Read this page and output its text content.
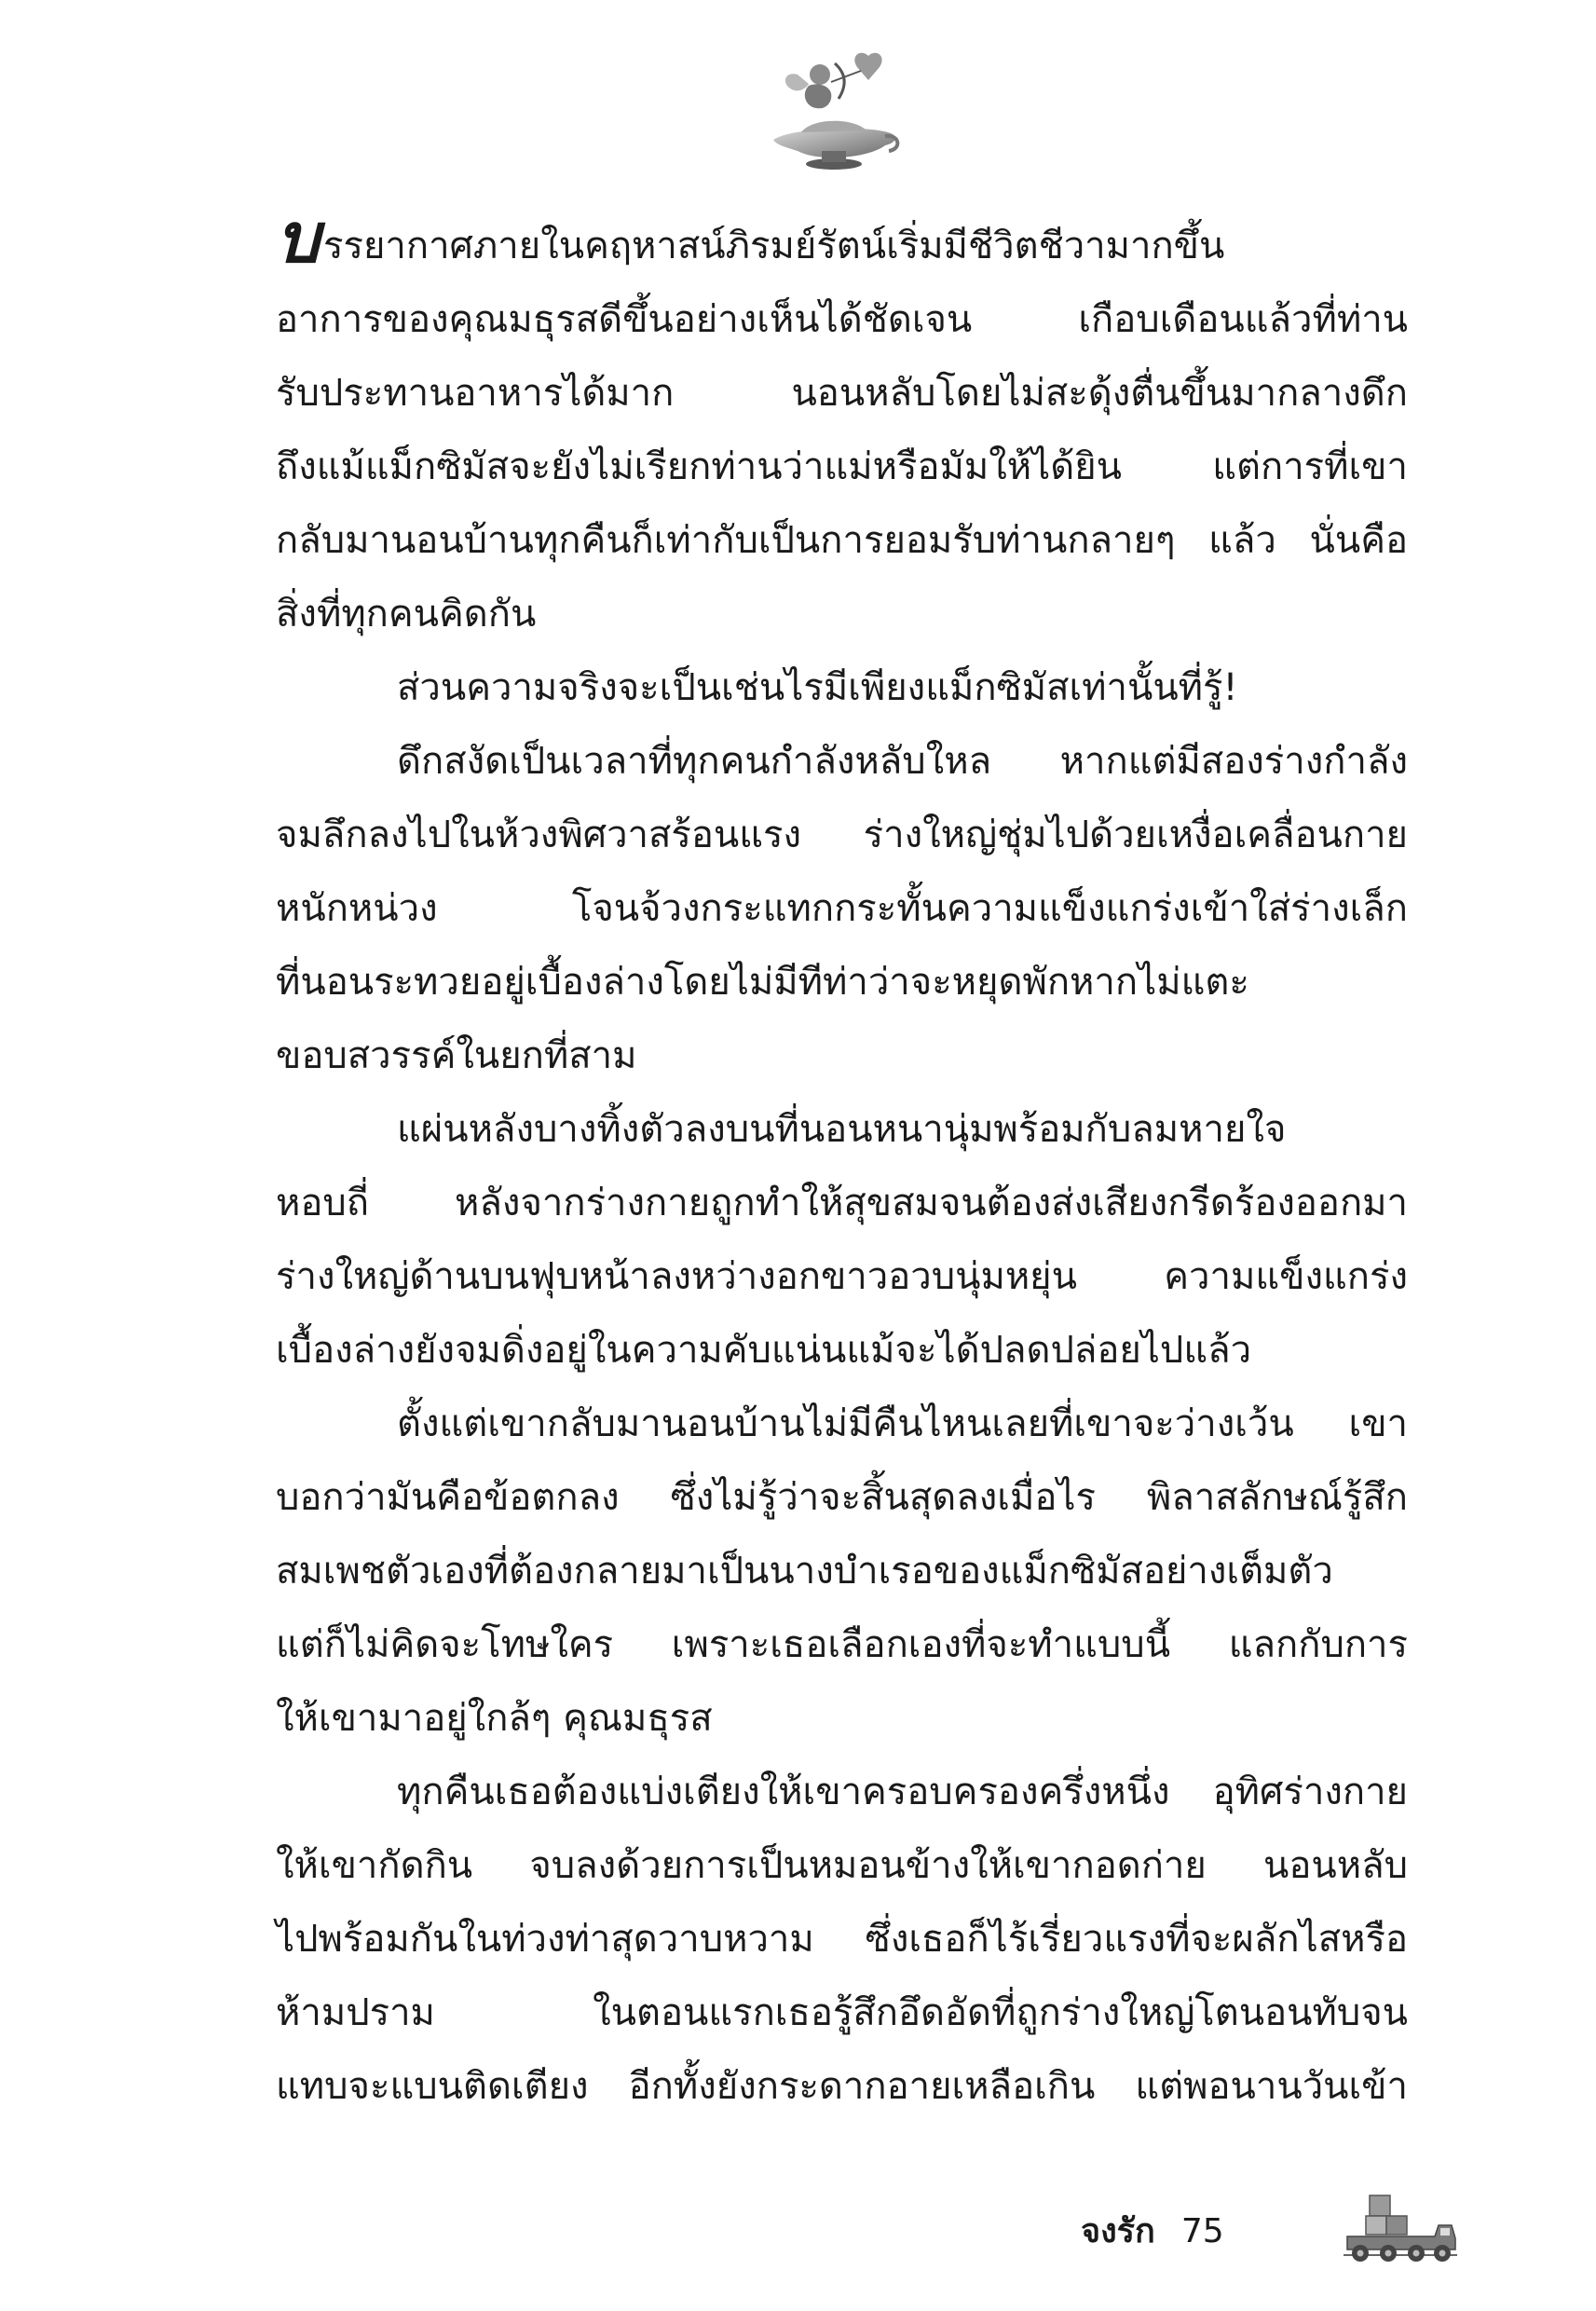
บรรยากาศภายในคฤหาสน์ภิรมย์รัตน์เริ่มมีชีวิตชีวามากขึ้น
อาการของคุณมธุรสดีขึ้นอย่างเห็นได้ชัดเจน เกือบเดือนแล้วที่ท่าน
รับประทานอาหารได้มาก นอนหลับโดยไม่สะดุ้งตื่นขึ้นมากลางดึก
ถึงแม้แม็กซิมัสจะยังไม่เรียกท่านว่าแม่หรือมัมให้ได้ยิน แต่การที่เขา
กลับมานอนบ้านทุกคืนก็เท่ากับเป็นการยอมรับท่านกลายๆ แล้ว นั่นคือ
สิ่งที่ทุกคนคิดกัน
ส่วนความจริงจะเป็นเช่นไรมีเพียงแม็กซิมัสเท่านั้นที่รู้!
ดึกสงัดเป็นเวลาที่ทุกคนกำลังหลับใหล หากแต่มีสองร่างกำลัง
จมลึกลงไปในห้วงพิศวาสร้อนแรง ร่างใหญ่ชุ่มไปด้วยเหงื่อเคลื่อนกาย
หนักหน่วง โจนจ้วงกระแทกกระทั้นความแข็งแกร่งเข้าใส่ร่างเล็ก
ที่นอนระทวยอยู่เบื้องล่างโดยไม่มีทีท่าว่าจะหยุดพักหากไม่แตะ
ขอบสวรรค์ในยกที่สาม
แผ่นหลังบางทิ้งตัวลงบนที่นอนหนานุ่มพร้อมกับลมหายใจ
หอบถี่ หลังจากร่างกายถูกทำให้สุขสมจนต้องส่งเสียงกรีดร้องออกมา
ร่างใหญ่ด้านบนฟุบหน้าลงหว่างอกขาวอวบนุ่มหยุ่น ความแข็งแกร่ง
เบื้องล่างยังจมดิ่งอยู่ในความคับแน่นแม้จะได้ปลดปล่อยไปแล้ว
ตั้งแต่เขากลับมานอนบ้านไม่มีคืนไหนเลยที่เขาจะว่างเว้น เขา
บอกว่ามันคือข้อตกลง ซึ่งไม่รู้ว่าจะสิ้นสุดลงเมื่อไร พิลาสลักษณ์รู้สึก
สมเพชตัวเองที่ต้องกลายมาเป็นนางบำเรอของแม็กซิมัสอย่างเต็มตัว
แต่ก็ไม่คิดจะโทษใคร เพราะเธอเลือกเองที่จะทำแบบนี้ แลกกับการ
ให้เขามาอยู่ใกล้ๆ คุณมธุรส
ทุกคืนเธอต้องแบ่งเตียงให้เขาครอบครองครึ่งหนึ่ง อุทิศร่างกาย
ให้เขากัดกิน จบลงด้วยการเป็นหมอนข้างให้เขากอดก่าย นอนหลับ
ไปพร้อมกันในท่วงท่าสุดวาบหวาม ซึ่งเธอก็ไร้เรี่ยวแรงที่จะผลักไสหรือ
ห้ามปราม ในตอนแรกเธอรู้สึกอึดอัดที่ถูกร่างใหญ่โตนอนทับจน
แทบจะแบนติดเตียง อีกทั้งยังกระดากอายเหลือเกิน แต่พอนานวันเข้า
จงรัก 75
